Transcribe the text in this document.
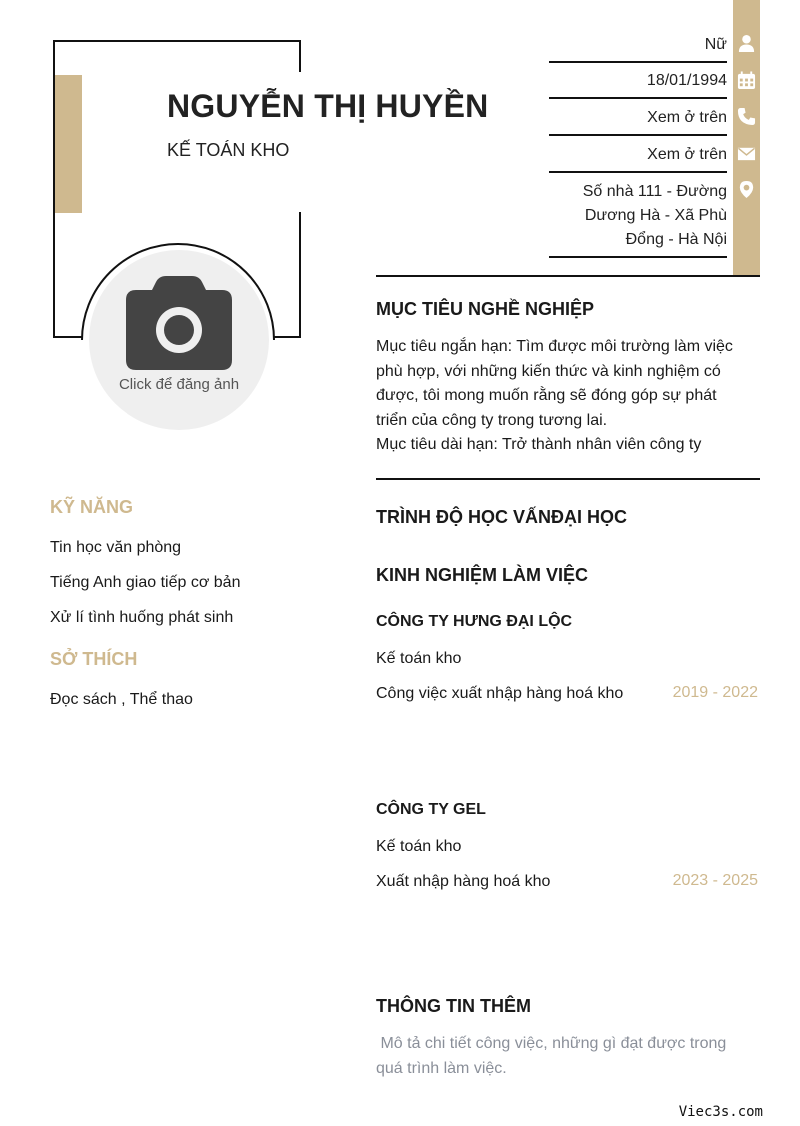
NGUYỄN THỊ HUYỀN
KẾ TOÁN KHO
Click để đăng ảnh
Nữ
18/01/1994
Xem ở trên
Xem ở trên
Số nhà 111 - Đường
Dương Hà - Xã Phù
Đổng - Hà Nội
MỤC TIÊU NGHỀ NGHIỆP
Mục tiêu ngắn hạn: Tìm được môi trường làm việc
phù hợp, với những kiến thức và kinh nghiệm có
được, tôi mong muốn rằng sẽ đóng góp sự phát
triển của công ty trong tương lai.
Mục tiêu dài hạn: Trở thành nhân viên công ty
TRÌNH ĐỘ HỌC VẤNĐẠI HỌC
KINH NGHIỆM LÀM VIỆC
CÔNG TY HƯNG ĐẠI LỘC
Kế toán kho
Công việc xuất nhập hàng hoá kho	2019 - 2022
CÔNG TY GEL
Kế toán kho
Xuất nhập hàng hoá kho	2023 - 2025
THÔNG TIN THÊM
Mô tả chi tiết công việc, những gì đạt được trong
quá trình làm việc.
KỸ NĂNG
Tin học văn phòng
Tiếng Anh giao tiếp cơ bản
Xử lí tình huống phát sinh
SỞ THÍCH
Đọc sách , Thể thao
Viec3s.com
